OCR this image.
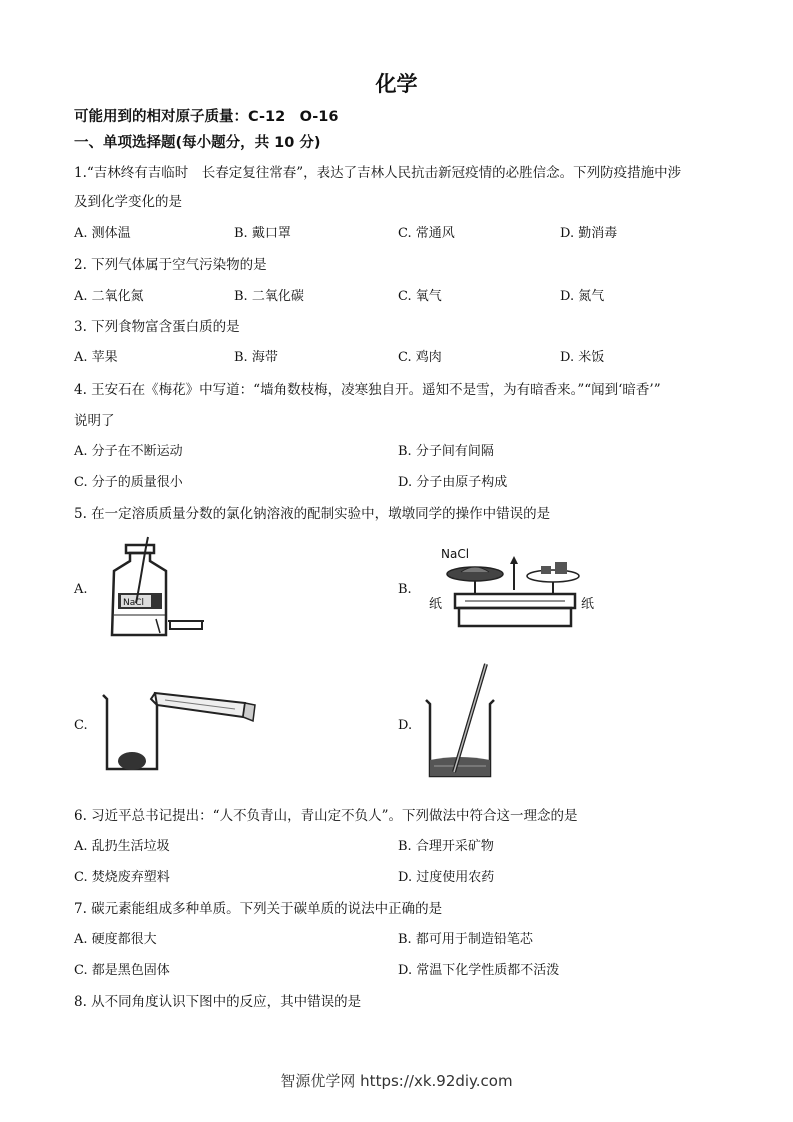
化学
可能用到的相对原子质量：C-12　O-16
一、单项选择题(每小题分，共 10 分)
1.“吉林终有吉临时　长春定复往常春”，表达了吉林人民抗击新冠疫情的必胜信念。下列防疫措施中涉
及到化学变化的是
A. 测体温	B. 戴口罩	C. 常通风	D. 勤消毒
2. 下列气体属于空气污染物的是
A. 二氧化氮	B. 二氧化碳	C. 氧气	D. 氮气
3. 下列食物富含蛋白质的是
A. 苹果	B. 海带	C. 鸡肉	D. 米饭
4. 王安石在《梅花》中写道：“墙角数枝梅，凌寒独自开。遥知不是雪，为有暗香来。”“闻到‘暗香’”
说明了
A. 分子在不断运动	B. 分子间有间隔
C. 分子的质量很小	D. 分子由原子构成
5. 在一定溶质质量分数的氯化钠溶液的配制实验中，墩墩同学的操作中错误的是
A.
NaCl
B.
NaCl
纸	纸
C.	D.
6. 习近平总书记提出：“人不负青山，青山定不负人”。下列做法中符合这一理念的是
A. 乱扔生活垃圾	B. 合理开采矿物
C. 焚烧废弃塑料	D. 过度使用农药
7. 碳元素能组成多种单质。下列关于碳单质的说法中正确的是
A. 硬度都很大	B. 都可用于制造铅笔芯
C. 都是黑色固体	D. 常温下化学性质都不活泼
8. 从不同角度认识下图中的反应，其中错误的是
智源优学网 https://xk.92diy.com
